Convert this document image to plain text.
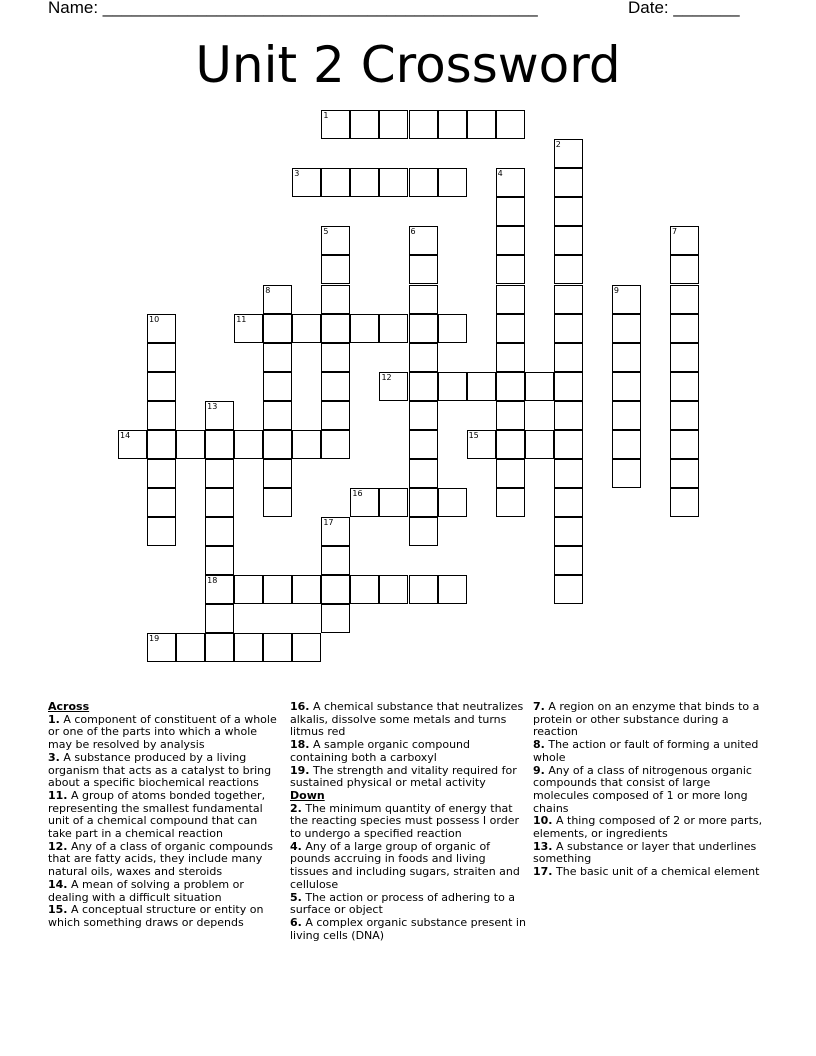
Name: ______________________________________________	Date: _______
Unit 2 Crossword
1
2
3	4
5	6	7
8	9
10	11
12
13
18
14	15
16
17
19
Across

1. A component of constituent of a whole or one of the parts into which a whole may be resolved by analysis

3. A substance produced by a living organism that acts as a catalyst to bring about a specific biochemical reactions

11. A group of atoms bonded together, representing the smallest fundamental unit of a chemical compound that can take part in a chemical reaction

12. Any of a class of organic compounds that are fatty acids, they include many natural oils, waxes and steroids

14. A mean of solving a problem or dealing with a difficult situation

15. A conceptual structure or entity on which something draws or depends

16. A chemical substance that neutralizes alkalis, dissolve some metals and turns litmus red

18. A sample organic compound containing both a carboxyl

19. The strength and vitality required for sustained physical or metal activity

Down

2. The minimum quantity of energy that the reacting species must possess I order to undergo a specified reaction

4. Any of a large group of organic of pounds accruing in foods and living tissues and including sugars, straiten and cellulose

5. The action or process of adhering to a surface or object

6. A complex organic substance present in living cells (DNA)

7. A region on an enzyme that binds to a protein or other substance during a reaction

8. The action or fault of forming a united whole

9. Any of a class of nitrogenous organic compounds that consist of large molecules composed of 1 or more long chains

10. A thing composed of 2 or more parts, elements, or ingredients

13. A substance or layer that underlines something

17. The basic unit of a chemical element
